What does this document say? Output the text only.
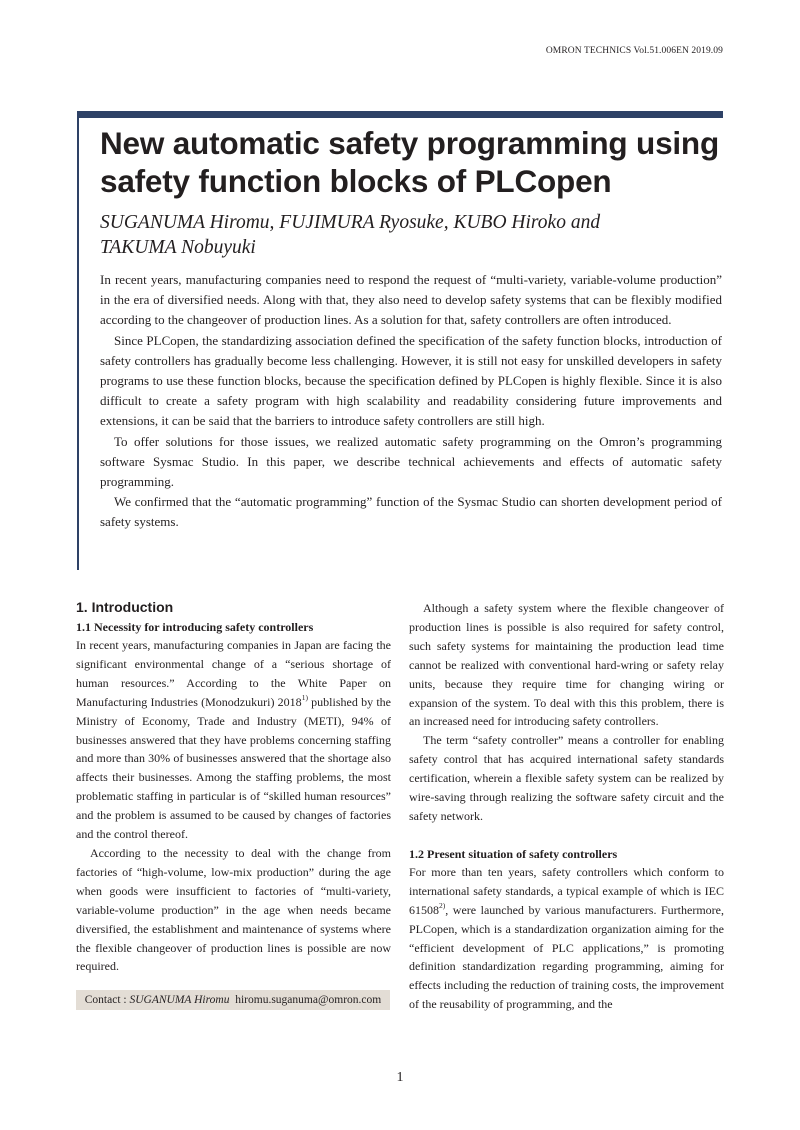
OMRON TECHNICS Vol.51.006EN 2019.09
New automatic safety programming using
safety function blocks of PLCopen
SUGANUMA Hiromu, FUJIMURA Ryosuke, KUBO Hiroko and
TAKUMA Nobuyuki

In recent years, manufacturing companies need to respond the request of “multi-variety, variable-volume production” in the era of diversified needs. Along with that, they also need to develop safety systems that can be flexibly modified according to the changeover of production lines. As a solution for that, safety controllers are often introduced.

Since PLCopen, the standardizing association defined the specification of the safety function blocks, introduction of safety controllers has gradually become less challenging. However, it is still not easy for unskilled developers in safety programs to use these function blocks, because the specification defined by PLCopen is highly flexible. Since it is also difficult to create a safety program with high scalability and readability considering future improvements and extensions, it can be said that the barriers to introduce safety controllers are still high.

To offer solutions for those issues, we realized automatic safety programming on the Omron’s programming software Sysmac Studio. In this paper, we describe technical achievements and effects of automatic safety programming.

We confirmed that the “automatic programming” function of the Sysmac Studio can shorten development period of safety systems.

1. Introduction
1.1 Necessity for introducing safety controllers

In recent years, manufacturing companies in Japan are facing the significant environmental change of a “serious shortage of human resources.” According to the White Paper on Manufacturing Industries (Monodzukuri) 2018$^{1)}$ published by the Ministry of Economy, Trade and Industry (METI), 94% of businesses answered that they have problems concerning staffing and more than 30% of businesses answered that the shortage also affects their businesses. Among the staffing problems, the most problematic staffing in particular is of “skilled human resources” and the problem is assumed to be caused by changes of factories and the control thereof.

According to the necessity to deal with the change from factories of “high-volume, low-mix production” during the age when goods were insufficient to factories of “multi-variety, variable-volume production” in the age when needs became diversified, the establishment and maintenance of systems where the flexible changeover of production lines is possible are now required.

Contact : SUGANUMA Hiromu hiromu.suganuma@omron.com

Although a safety system where the flexible changeover of production lines is possible is also required for safety control, such safety systems for maintaining the production lead time cannot be realized with conventional hard-wring or safety relay units, because they require time for changing wiring or expansion of the system. To deal with this this problem, there is an increased need for introducing safety controllers.

The term “safety controller” means a controller for enabling safety control that has acquired international safety standards certification, wherein a flexible safety system can be realized by wire-saving through realizing the software safety circuit and the safety network.

1.2 Present situation of safety controllers

For more than ten years, safety controllers which conform to international safety standards, a typical example of which is IEC 61508$^{2)}$, were launched by various manufacturers. Furthermore, PLCopen, which is a standardization organization aiming for the “efficient development of PLC applications,” is promoting definition standardization regarding programming, aiming for effects including the reduction of training costs, the improvement of the reusability of programming, and the

1
